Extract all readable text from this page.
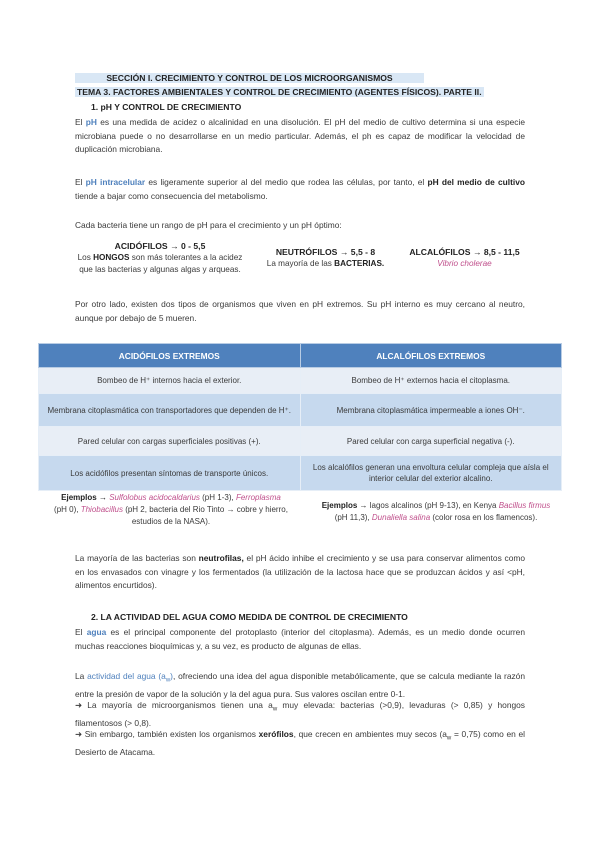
SECCIÓN I. CRECIMIENTO Y CONTROL DE LOS MICROORGANISMOS
TEMA 3. FACTORES AMBIENTALES Y CONTROL DE CRECIMIENTO (AGENTES FÍSICOS). PARTE II.
1. pH Y CONTROL DE CRECIMIENTO
El pH es una medida de acidez o alcalinidad en una disolución. El pH del medio de cultivo determina si una especie microbiana puede o no desarrollarse en un medio particular. Además, el ph es capaz de modificar la velocidad de duplicación microbiana.
El pH intracelular es ligeramente superior al del medio que rodea las células, por tanto, el pH del medio de cultivo tiende a bajar como consecuencia del metabolismo.
Cada bacteria tiene un rango de pH para el crecimiento y un pH óptimo:
ACIDÓFILOS → 0 - 5,5
Los HONGOS son más tolerantes a la acidez
que las bacterias y algunas algas y arqueas.
NEUTRÓFILOS → 5,5 - 8
La mayoría de las BACTERIAS.
ALCALÓFILOS → 8,5 - 11,5
Vibrio cholerae
Por otro lado, existen dos tipos de organismos que viven en pH extremos. Su pH interno es muy cercano al neutro, aunque por debajo de 5 mueren.
ACIDÓFILOS EXTREMOS	ALCALÓFILOS EXTREMOS
Bombeo de H⁺ internos hacia el exterior.	Bombeo de H⁺ externos hacia el citoplasma.
Membrana citoplasmática con transportadores que dependen de H⁺.	Membrana citoplasmática impermeable a iones OH⁻.
Pared celular con cargas superficiales positivas (+).	Pared celular con carga superficial negativa (-).
Los acidófilos presentan síntomas de transporte únicos.	Los alcalófilos generan una envoltura celular compleja que aísla el interior celular del exterior alcalino.
Ejemplos → Sulfolobus acidocaldarius (pH 1-3), Ferroplasma
(pH 0), Thiobacillus (pH 2, bacteria del Rio Tinto → cobre y hierro,
estudios de la NASA).
Ejemplos → lagos alcalinos (pH 9-13), en Kenya Bacillus firmus
(pH 11,3), Dunaliella salina (color rosa en los flamencos).
La mayoría de las bacterias son neutrofilas, el pH ácido inhibe el crecimiento y se usa para conservar alimentos como en los envasados con vinagre y los fermentados (la utilización de la lactosa hace que se produzcan ácidos y así <pH, alimentos encurtidos).
2. LA ACTIVIDAD DEL AGUA COMO MEDIDA DE CONTROL DE CRECIMIENTO
El agua es el principal componente del protoplasto (interior del citoplasma). Además, es un medio donde ocurren muchas reacciones bioquímicas y, a su vez, es producto de algunas de ellas.
La actividad del agua $(a_w)$, ofreciendo una idea del agua disponible metabólicamente, que se calcula mediante la razón entre la presión de vapor de la solución y la del agua pura. Sus valores oscilan entre 0-1.
➜ La mayoría de microorganismos tienen una $a_w$ muy elevada: bacterias (>0,9), levaduras (> 0,85) y hongos filamentosos (> 0,8).
➜ Sin embargo, también existen los organismos xerófilos, que crecen en ambientes muy secos $(a_w = 0,75)$ como en el Desierto de Atacama.
